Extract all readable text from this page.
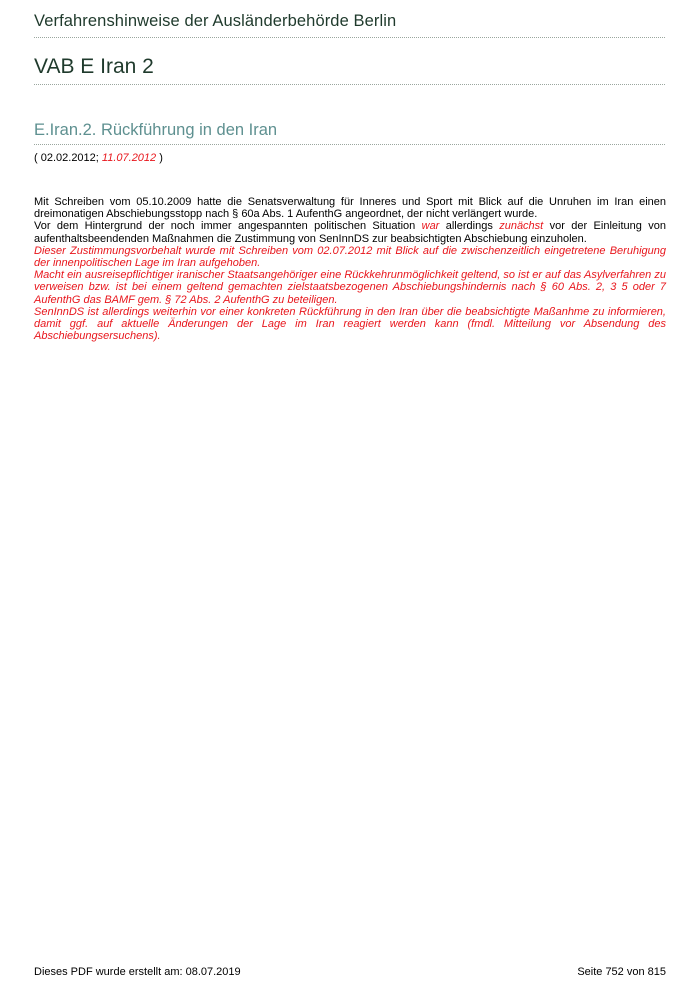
Verfahrenshinweise der Ausländerbehörde Berlin
VAB E Iran 2
E.Iran.2. Rückführung in den Iran
( 02.02.2012; 11.07.2012 )

Mit Schreiben vom 05.10.2009 hatte die Senatsverwaltung für Inneres und Sport mit Blick auf die Unruhen im Iran einen dreimonatigen Abschiebungsstopp nach § 60a Abs. 1 AufenthG angeordnet, der nicht verlängert wurde.

Vor dem Hintergrund der noch immer angespannten politischen Situation war allerdings zunächst vor der Einleitung von aufenthaltsbeendenden Maßnahmen die Zustimmung von SenInnDS zur beabsichtigten Abschiebung einzuholen.

Dieser Zustimmungsvorbehalt wurde mit Schreiben vom 02.07.2012 mit Blick auf die zwischenzeitlich eingetretene Beruhigung der innenpolitischen Lage im Iran aufgehoben.

Macht ein ausreisepflichtiger iranischer Staatsangehöriger eine Rückkehrunmöglichkeit geltend, so ist er auf das Asylverfahren zu verweisen bzw. ist bei einem geltend gemachten zielstaatsbezogenen Abschiebungshindernis nach § 60 Abs. 2, 3 5 oder 7 AufenthG das BAMF gem. § 72 Abs. 2 AufenthG zu beteiligen.

SenInnDS ist allerdings weiterhin vor einer konkreten Rückführung in den Iran über die beabsichtigte Maßanhme zu informieren, damit ggf. auf aktuelle Änderungen der Lage im Iran reagiert werden kann (fmdl. Mitteilung vor Absendung des Abschiebungsersuchens).

Dieses PDF wurde erstellt am: 08.07.2019	Seite 752 von 815
